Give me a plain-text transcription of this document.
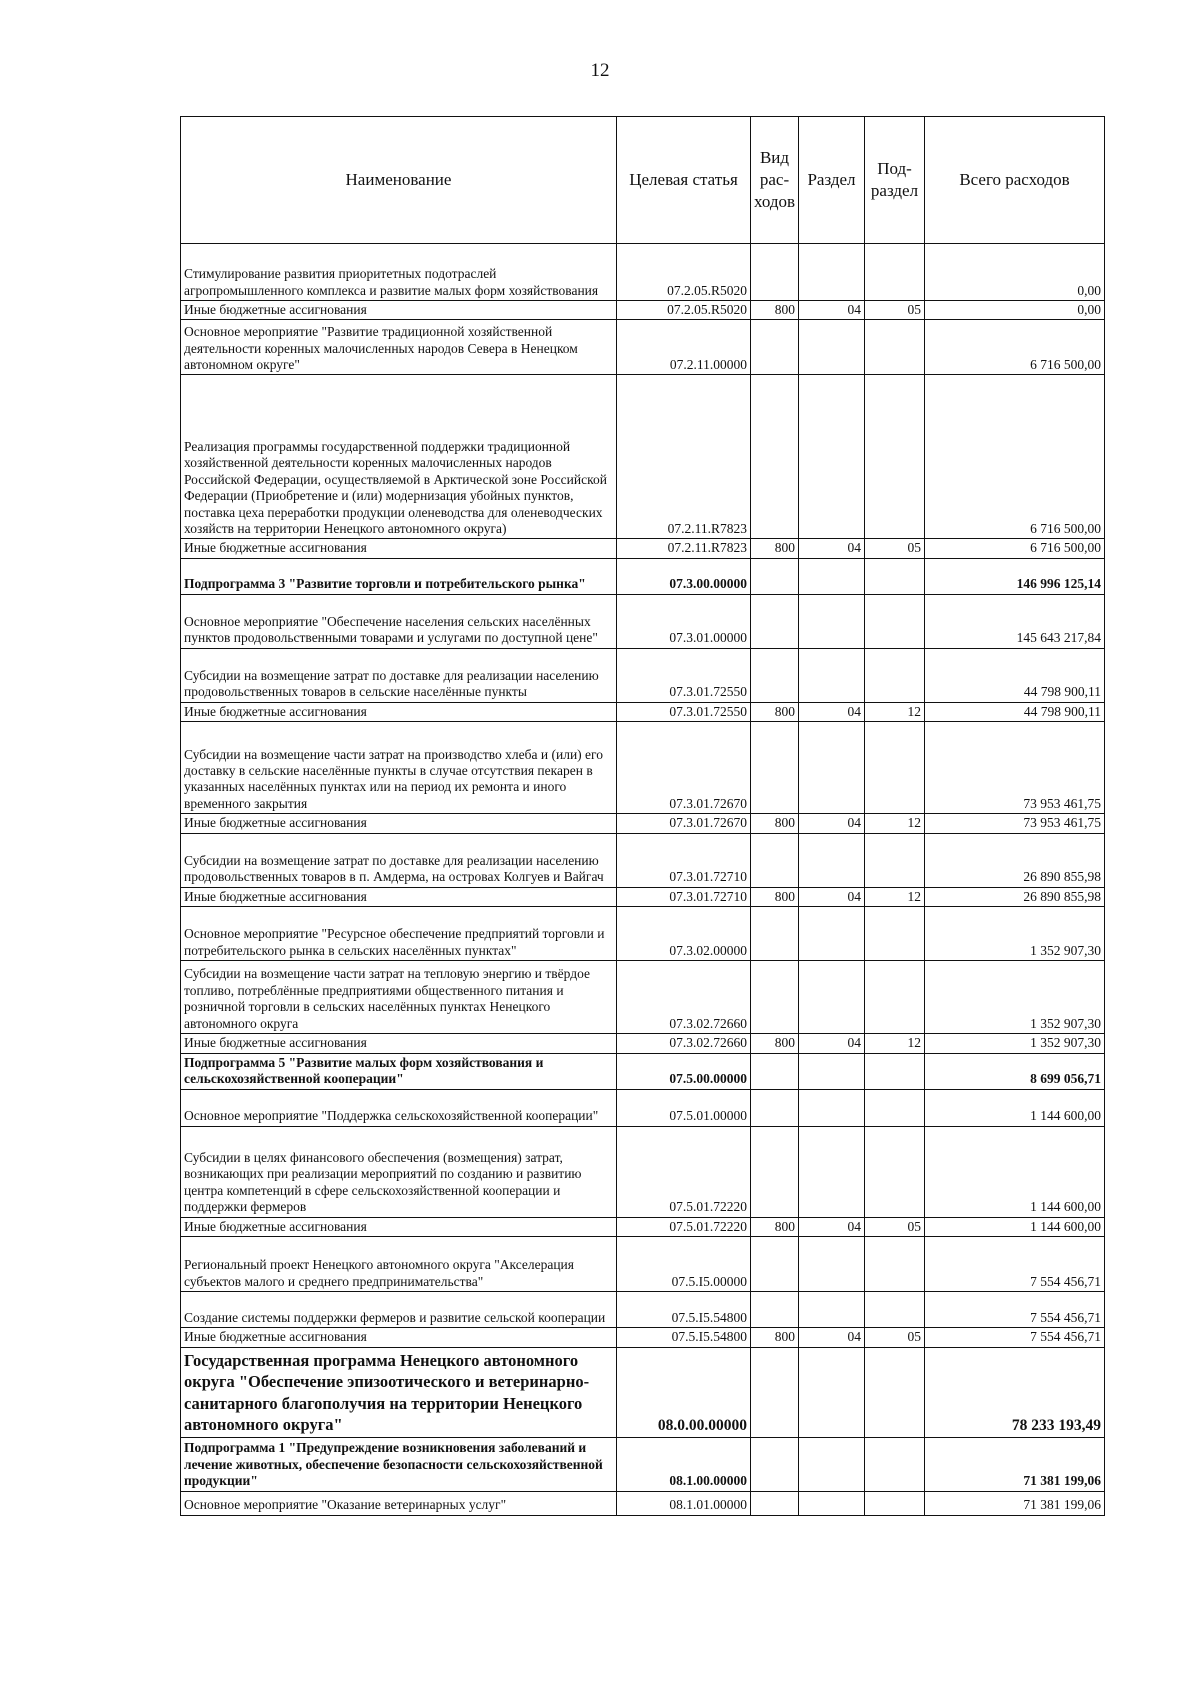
12
Наименование	Целевая статья	Вид рас-ходов	Раздел	Под-раздел	Всего расходов
Стимулирование развития приоритетных подотраслей агропромышленного комплекса и развитие малых форм хозяйствования	07.2.05.R5020				0,00
Иные бюджетные ассигнования	07.2.05.R5020	800	04	05	0,00
Основное мероприятие "Развитие традиционной хозяйственной деятельности коренных малочисленных народов Севера в Ненецком автономном округе"	07.2.11.00000				6 716 500,00
Реализация программы государственной поддержки традиционной хозяйственной деятельности коренных малочисленных народов Российской Федерации, осуществляемой в Арктической зоне Российской Федерации (Приобретение и (или) модернизация убойных пунктов, поставка цеха переработки продукции оленеводства для оленеводческих хозяйств на территории Ненецкого автономного округа)	07.2.11.R7823				6 716 500,00
Иные бюджетные ассигнования	07.2.11.R7823	800	04	05	6 716 500,00
Подпрограмма 3 "Развитие торговли и потребительского рынка"	07.3.00.00000				146 996 125,14
Основное мероприятие "Обеспечение населения сельских населённых пунктов продовольственными товарами и услугами по доступной цене"	07.3.01.00000				145 643 217,84
Субсидии на возмещение затрат по доставке для реализации населению продовольственных товаров в сельские населённые пункты	07.3.01.72550				44 798 900,11
Иные бюджетные ассигнования	07.3.01.72550	800	04	12	44 798 900,11
Субсидии на возмещение части затрат на производство хлеба и (или) его доставку в сельские населённые пункты в случае отсутствия пекарен в указанных населённых пунктах или на период их ремонта и иного временного закрытия	07.3.01.72670				73 953 461,75
Иные бюджетные ассигнования	07.3.01.72670	800	04	12	73 953 461,75
Субсидии на возмещение затрат по доставке для реализации населению продовольственных товаров в п. Амдерма, на островах Колгуев и Вайгач	07.3.01.72710				26 890 855,98
Иные бюджетные ассигнования	07.3.01.72710	800	04	12	26 890 855,98
Основное мероприятие "Ресурсное обеспечение предприятий торговли и потребительского рынка в сельских населённых пунктах"	07.3.02.00000				1 352 907,30
Субсидии на возмещение части затрат на тепловую энергию и твёрдое топливо, потреблённые предприятиями общественного питания и розничной торговли в сельских населённых пунктах Ненецкого автономного округа	07.3.02.72660				1 352 907,30
Иные бюджетные ассигнования	07.3.02.72660	800	04	12	1 352 907,30
Подпрограмма 5 "Развитие малых форм хозяйствования и сельскохозяйственной кооперации"	07.5.00.00000				8 699 056,71
Основное мероприятие "Поддержка сельскохозяйственной кооперации"	07.5.01.00000				1 144 600,00
Субсидии в целях финансового обеспечения (возмещения) затрат, возникающих при реализации мероприятий по созданию и развитию центра компетенций в сфере сельскохозяйственной кооперации и поддержки фермеров	07.5.01.72220				1 144 600,00
Иные бюджетные ассигнования	07.5.01.72220	800	04	05	1 144 600,00
Региональный проект Ненецкого автономного округа "Акселерация субъектов малого и среднего предпринимательства"	07.5.I5.00000				7 554 456,71
Создание системы поддержки фермеров и развитие сельской кооперации	07.5.I5.54800				7 554 456,71
Иные бюджетные ассигнования	07.5.I5.54800	800	04	05	7 554 456,71
Государственная программа Ненецкого автономного округа "Обеспечение эпизоотического и ветеринарно-санитарного благополучия на территории Ненецкого автономного округа"	08.0.00.00000				78 233 193,49
Подпрограмма 1 "Предупреждение возникновения заболеваний и лечение животных, обеспечение безопасности сельскохозяйственной продукции"	08.1.00.00000				71 381 199,06
Основное мероприятие "Оказание ветеринарных услуг"	08.1.01.00000				71 381 199,06
